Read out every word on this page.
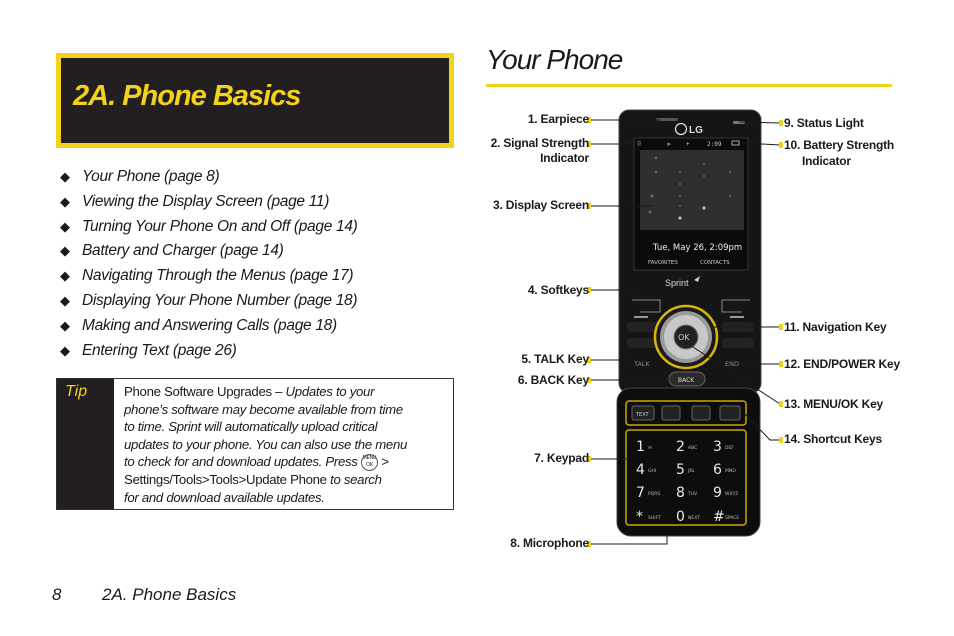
2A. Phone Basics
◆ Your Phone (page 8)
◆ Viewing the Display Screen (page 11)
◆ Turning Your Phone On and Off (page 14)
◆ Battery and Charger (page 14)
◆ Navigating Through the Menus (page 17)
◆ Displaying Your Phone Number (page 18)
◆ Making and Answering Calls (page 18)
◆ Entering Text (page 26)
Tip	Phone Software Upgrades – Updates to your
phone’s software may become available from time
to time. Sprint will automatically upload critical
updates to your phone. You can also use the menu
to check for and download updates. Press MENU OK >
Settings/Tools>Tools>Update Phone to search
for and download available updates.
Your Phone
LG
⠿	⊳	+	2:09
Tue, May 26, 2:09pm
FAVORITES	CONTACTS
Sprint
TALK	END
OK
BACK
TEXT
1 ✉ 2 ABC 3 DEF
4 GHI 5 JKL 6 MNO
7 PQRS 8 TUV 9 WXYZ
* SHIFT 0 NEXT # SPACE
1. Earpiece
2. Signal Strength
Indicator
3. Display Screen
4. Softkeys
5. TALK Key
6. BACK Key
7. Keypad
8. Microphone
9. Status Light
10. Battery Strength
Indicator
11. Navigation Key
12. END/POWER Key
13. MENU/OK Key
14. Shortcut Keys
8 2A. Phone Basics
